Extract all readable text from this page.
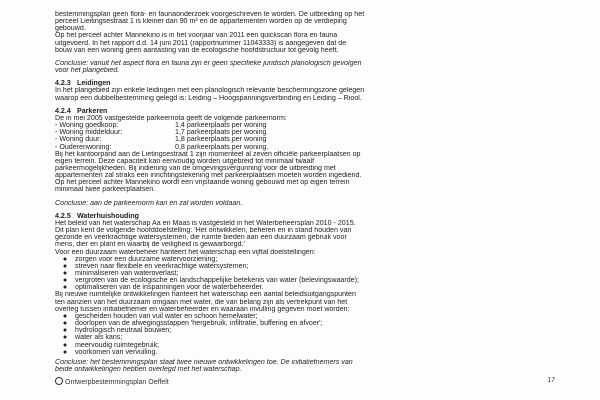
bestemmingsplan geen flora- en faunaonderzoek voorgeschreven te worden. De uitbreiding op het

perceel Lieitingsestraat 1 is kleiner dan 90 m² en de appartementen worden op de verdieping

gebouwd.

Op het perceel achter Mannekino is in het voorjaar van 2011 een quickscan flora en fauna

uitgevoerd. In het rapport d.d. 14 juni 2011 (rapportnummer 11043333) is aangegeven dat de

bouw van een woning geen aantasting van de ecologische hoofdstructuur tot gevolg heeft.

Conclusie: vanuit het aspect flora en fauna zijn er geen specifieke juridisch planologisch gevolgen

voor het plangebied.

4.2.3 Leidingen

In het plangebied zijn enkele leidingen met een planologisch relevante beschermingszone gelegen

waarop een dubbelbestemming gelegd is: Leiding – Hoogspanningsverbinding en Leiding – Riool.

4.2.4 Parkeren

De in mei 2005 vastgestelde parkeernota geeft de volgende parkeernorm:

- Woning goedkoop:	1,4 parkeerplaats per woning
- Woning middelduur:	1,7 parkeerplaats per woning
- Woning duur:	1,8 parkeerplaats per woning
- Ouderenwoning:	0,8 parkeerplaats per woning.

Bij het kantoorpand aan de Lietingsestraat 1 zijn momenteel al zeven officiële parkeerplaatsen op

eigen terrein. Deze capaciteit kan eenvoudig worden uitgebreid tot minimaal twaalf

parkeermogelijkheden. Bij indiening van de omgevingsvergunning voor de uitbreiding met

appartementen zal straks een inrichtingstekening met parkeerplaatsen moeten worden ingediend.

Op het perceel achter Mannekino wordt een vrijstaande woning gebouwd met op eigen terrein

minimaal twee parkeerplaatsen.

Conclusie: aan de parkeernorm kan en zal worden voldaan.

4.2.5 Waterhuishouding

Het beleid van het waterschap Aa en Maas is vastgesteld in het Waterbeheersplan 2010 - 2015.

Dit plan kent de volgende hoofddoelstelling: 'Het ontwikkelen, beheren en in stand houden van

gezonde en veerkrachtige watersystemen, die ruimte bieden aan een duurzaam gebruik voor

mens, dier en plant en waarbij de veiligheid is gewaarborgd.'

Voor een duurzaam waterbeheer hanteert het waterschap een vijftal doelstellingen:

●	zorgen voor een duurzame watervoorziening;
●	streven naar flexibele en veerkrachtige watersystemen;
●	minimaliseren van wateroverlast;
●	vergroten van de ecologische en landschappelijke betekenis van water (belevingswaarde);
●	optimaliseren van de inspanningen voor de waterbeheerder.

Bij nieuwe ruimtelijke ontwikkelingen hanteert het waterschap een aantal beleidsuitgangspunten

ten aanzien van het duurzaam omgaan met water, die van belang zijn als vertrekpunt van het

overleg tussen initiatiefnemer en waterbeheerder en waaraan invulling gegeven moet worden:

●	gescheiden houden van vuil water en schoon hemelwater;
●	doorlopen van de afwegingsstappen 'hergebruik, infiltratie, buffering en afvoer';
●	hydrologisch neutraal bouwen;
●	water als kans;
●	meervoudig ruimtegebruik;
●	voorkomen van vervuiling.

Conclusie: het bestemmingsplan staat twee nieuwe ontwikkelingen toe. De initiatiefnemers van

beide ontwikkelingen hebben overlegd met het waterschap.

Ontwerpbestemmingsplan Oeffelt	17
